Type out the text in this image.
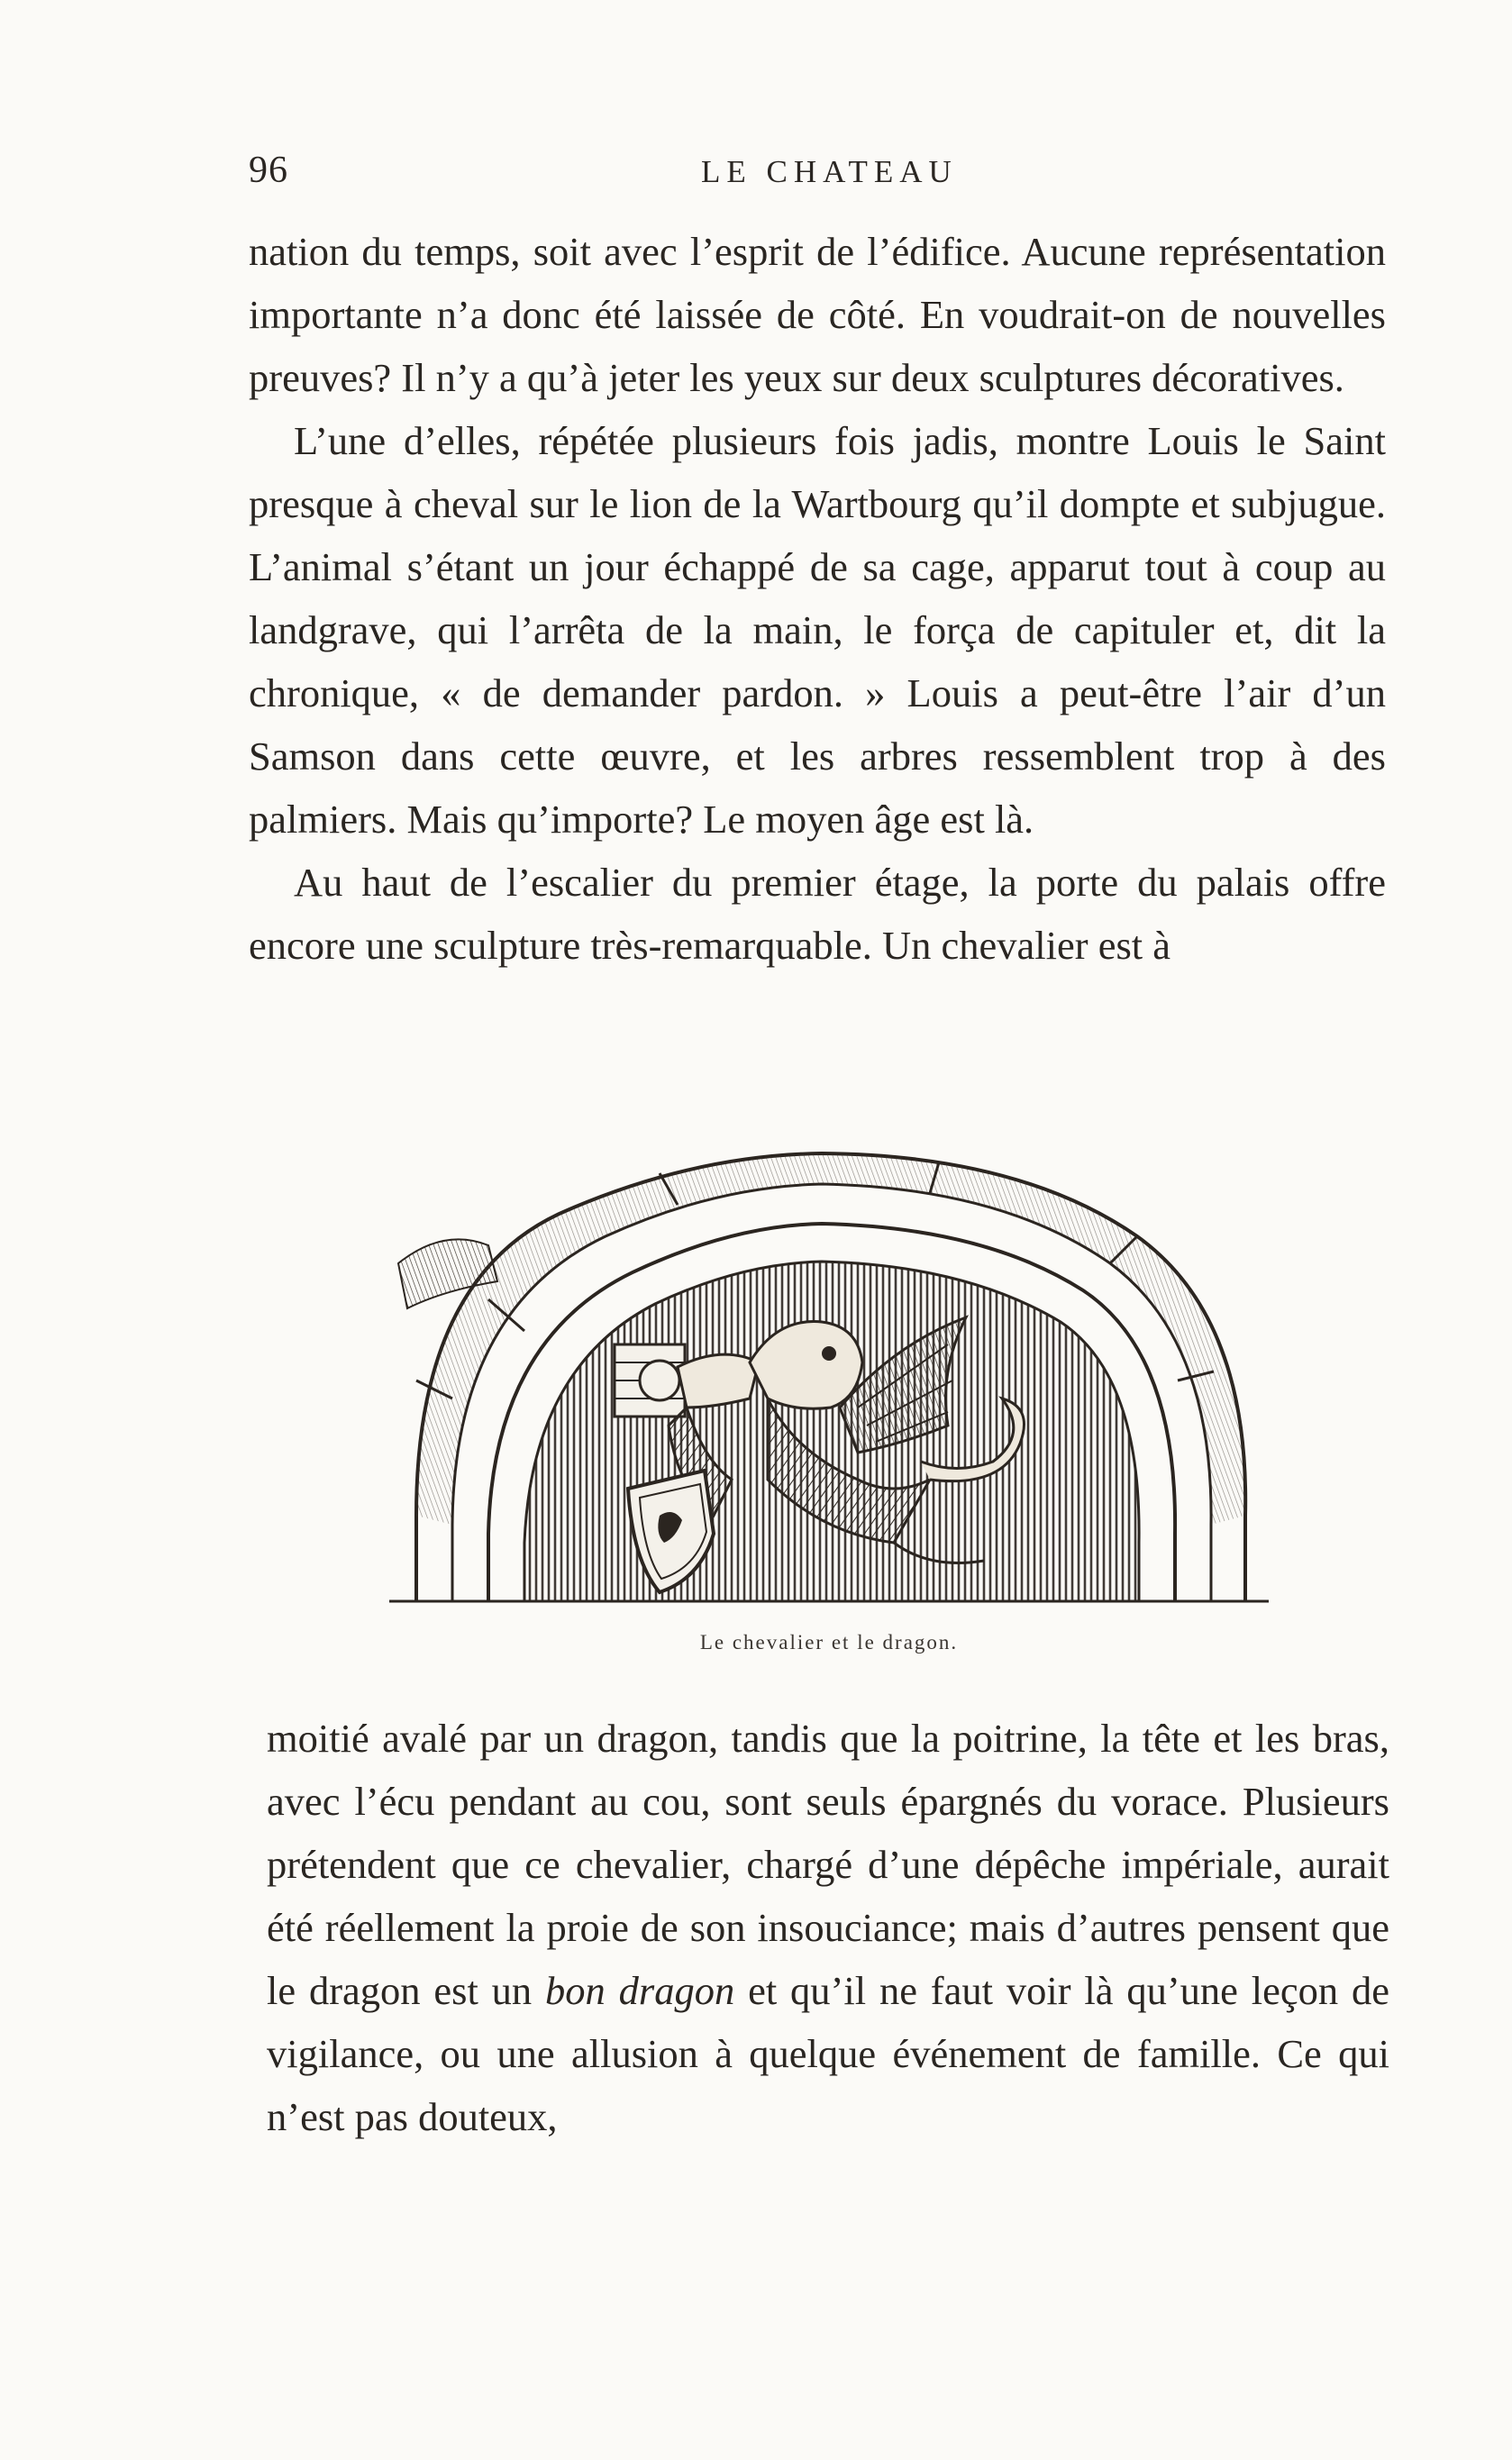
96	LE CHATEAU

nation du temps, soit avec l’esprit de l’édifice. Aucune représentation importante n’a donc été laissée de côté. En voudrait-on de nouvelles preuves? Il n’y a qu’à jeter les yeux sur deux sculptures décoratives.

L’une d’elles, répétée plusieurs fois jadis, montre Louis le Saint presque à cheval sur le lion de la Wartbourg qu’il dompte et subjugue. L’animal s’étant un jour échappé de sa cage, apparut tout à coup au landgrave, qui l’arrêta de la main, le força de capituler et, dit la chronique, « de demander pardon. » Louis a peut-être l’air d’un Samson dans cette œuvre, et les arbres ressemblent trop à des palmiers. Mais qu’importe? Le moyen âge est là.

Au haut de l’escalier du premier étage, la porte du palais offre encore une sculpture très-remarquable. Un chevalier est à

Le chevalier et le dragon.

moitié avalé par un dragon, tandis que la poitrine, la tête et les bras, avec l’écu pendant au cou, sont seuls épargnés du vorace. Plusieurs prétendent que ce chevalier, chargé d’une dépêche impériale, aurait été réellement la proie de son insouciance; mais d’autres pensent que le dragon est un bon dragon et qu’il ne faut voir là qu’une leçon de vigilance, ou une allusion à quelque événement de famille. Ce qui n’est pas douteux,
